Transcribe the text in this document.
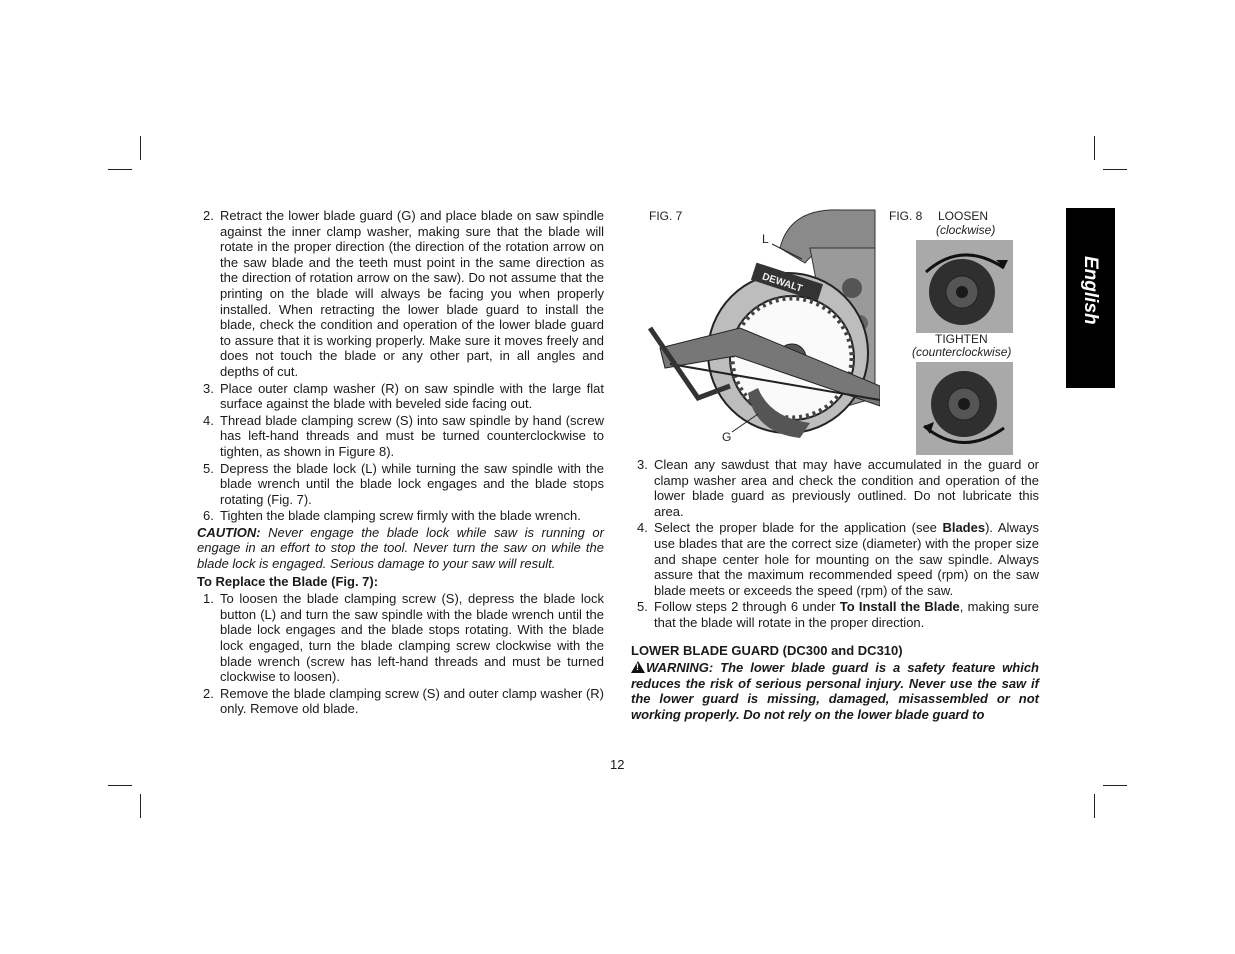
English
2. Retract the lower blade guard (G) and place blade on saw spindle against the inner clamp washer, making sure that the blade will rotate in the proper direction (the direction of the rotation arrow on the saw blade and the teeth must point in the same direction as the direction of rotation arrow on the saw). Do not assume that the printing on the blade will always be facing you when properly installed. When retracting the lower blade guard to install the blade, check the condition and operation of the lower blade guard to assure that it is working properly. Make sure it moves freely and does not touch the blade or any other part, in all angles and depths of cut.
3. Place outer clamp washer (R) on saw spindle with the large flat surface against the blade with beveled side facing out.
4. Thread blade clamping screw (S) into saw spindle by hand (screw has left-hand threads and must be turned counterclockwise to tighten, as shown in Figure 8).
5. Depress the blade lock (L) while turning the saw spindle with the blade wrench until the blade lock engages and the blade stops rotating (Fig. 7).
6. Tighten the blade clamping screw firmly with the blade wrench.

CAUTION: Never engage the blade lock while saw is running or engage in an effort to stop the tool. Never turn the saw on while the blade lock is engaged. Serious damage to your saw will result.

To Replace the Blade (Fig. 7):
1. To loosen the blade clamping screw (S), depress the blade lock button (L) and turn the saw spindle with the blade wrench until the blade lock engages and the blade stops rotating. With the blade lock engaged, turn the blade clamping screw clockwise with the blade wrench (screw has left-hand threads and must be turned clockwise to loosen).
2. Remove the blade clamping screw (S) and outer clamp washer (R) only. Remove old blade.
FIG. 7
DEWALT
L
G
FIG. 8 LOOSEN
(clockwise)
TIGHTEN
(counterclockwise)
3. Clean any sawdust that may have accumulated in the guard or clamp washer area and check the condition and operation of the lower blade guard as previously outlined. Do not lubricate this area.
4. Select the proper blade for the application (see Blades). Always use blades that are the correct size (diameter) with the proper size and shape center hole for mounting on the saw spindle. Always assure that the maximum recommended speed (rpm) on the saw blade meets or exceeds the speed (rpm) of the saw.
5. Follow steps 2 through 6 under To Install the Blade, making sure that the blade will rotate in the proper direction.
LOWER BLADE GUARD (DC300 and DC310)

!WARNING: The lower blade guard is a safety feature which reduces the risk of serious personal injury. Never use the saw if the lower guard is missing, damaged, misassembled or not working properly. Do not rely on the lower blade guard to

12
